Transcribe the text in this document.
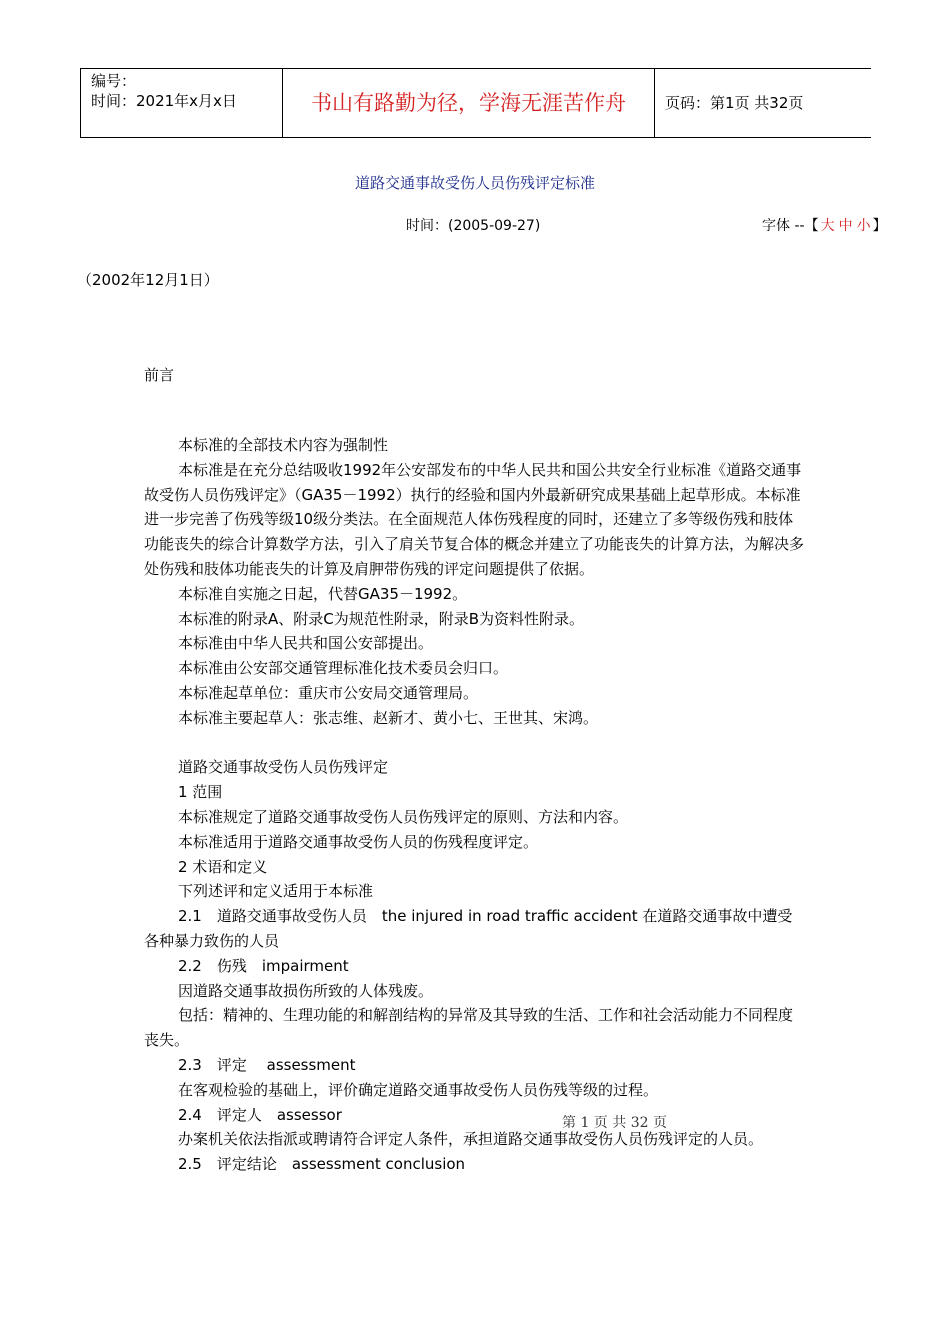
编号：
时间：2021年x月x日	书山有路勤为径，学海无涯苦作舟	页码：第1页 共32页
道路交通事故受伤人员伤残评定标准
时间：(2005-09-27)	字体 --【 大 中 小 】
（2002年12月1日）
前言

本标准的全部技术内容为强制性

本标准是在充分总结吸收1992年公安部发布的中华人民共和国公共安全行业标准《道路交通事故受伤人员伤残评定》（GA35－1992）执行的经验和国内外最新研究成果基础上起草形成。本标准进一步完善了伤残等级10级分类法。在全面规范人体伤残程度的同时，还建立了多等级伤残和肢体功能丧失的综合计算数学方法，引入了肩关节复合体的概念并建立了功能丧失的计算方法，为解决多处伤残和肢体功能丧失的计算及肩胛带伤残的评定问题提供了依据。

本标准自实施之日起，代替GA35－1992。

本标准的附录A、附录C为规范性附录，附录B为资料性附录。

本标准由中华人民共和国公安部提出。

本标准由公安部交通管理标准化技术委员会归口。

本标准起草单位：重庆市公安局交通管理局。

本标准主要起草人：张志维、赵新才、黄小七、王世其、宋鸿。

道路交通事故受伤人员伤残评定

1 范围

本标准规定了道路交通事故受伤人员伤残评定的原则、方法和内容。

本标准适用于道路交通事故受伤人员的伤残程度评定。

2 术语和定义

下列述评和定义适用于本标准

2.1　道路交通事故受伤人员　the injured in road traffic accident 在道路交通事故中遭受各种暴力致伤的人员

2.2　伤残　impairment

因道路交通事故损伤所致的人体残废。

包括：精神的、生理功能的和解剖结构的异常及其导致的生活、工作和社会活动能力不同程度丧失。

2.3　评定　 assessment

在客观检验的基础上，评价确定道路交通事故受伤人员伤残等级的过程。

2.4　评定人　assessor

办案机关依法指派或聘请符合评定人条件，承担道路交通事故受伤人员伤残评定的人员。

2.5　评定结论　assessment conclusion

第 1 页 共 32 页
